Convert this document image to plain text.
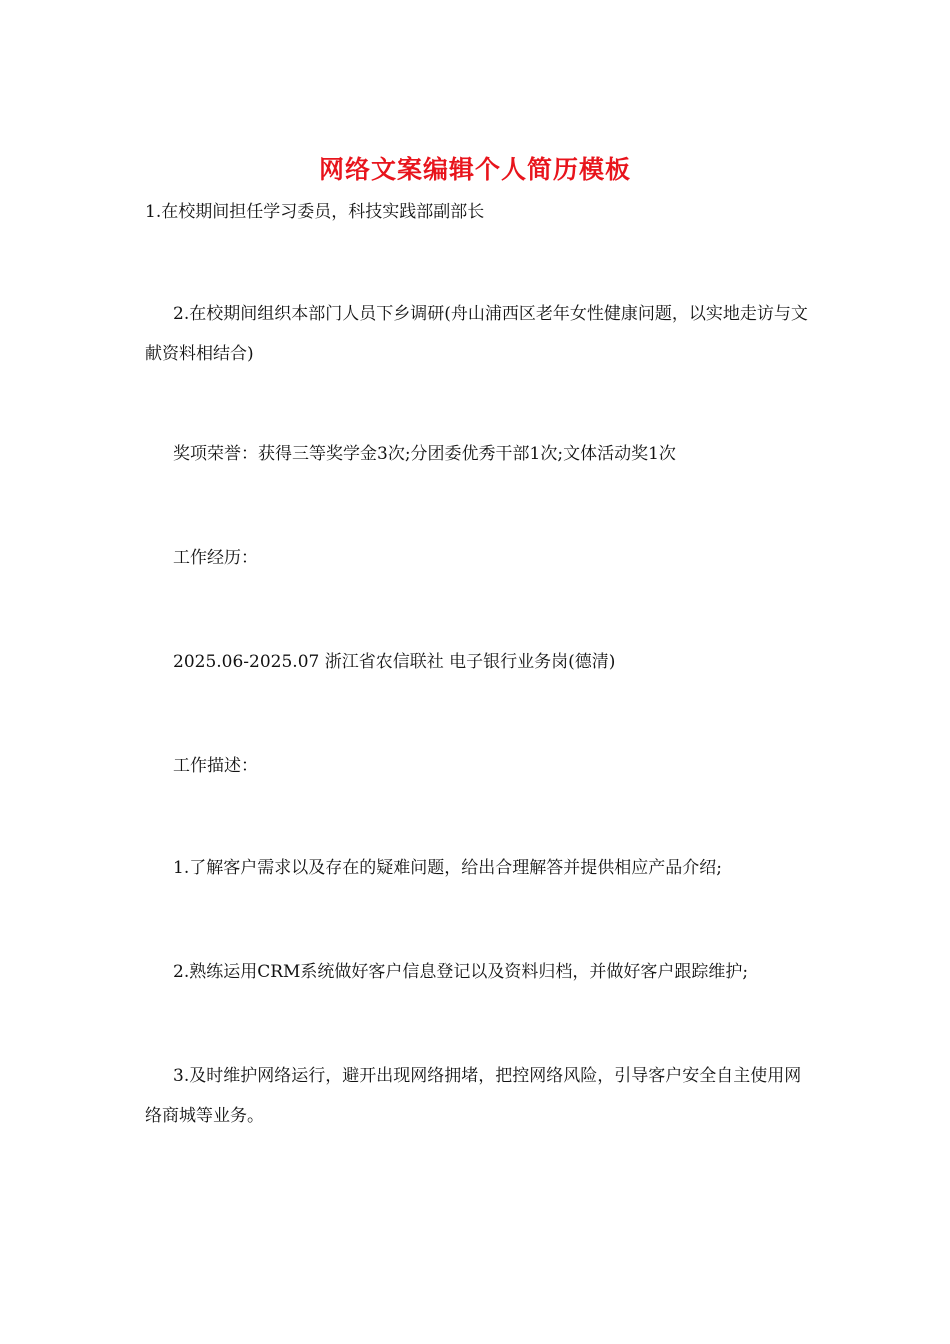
网络文案编辑个人简历模板

1.在校期间担任学习委员，科技实践部副部长

2.在校期间组织本部门人员下乡调研(舟山浦西区老年女性健康问题，以实地走访与文献资料相结合)

奖项荣誉：获得三等奖学金3次;分团委优秀干部1次;文体活动奖1次

工作经历：

2025.06-2025.07 浙江省农信联社 电子银行业务岗(德清)

工作描述：

1.了解客户需求以及存在的疑难问题，给出合理解答并提供相应产品介绍;

2.熟练运用CRM系统做好客户信息登记以及资料归档，并做好客户跟踪维护;

3.及时维护网络运行，避开出现网络拥堵，把控网络风险，引导客户安全自主使用网络商城等业务。
